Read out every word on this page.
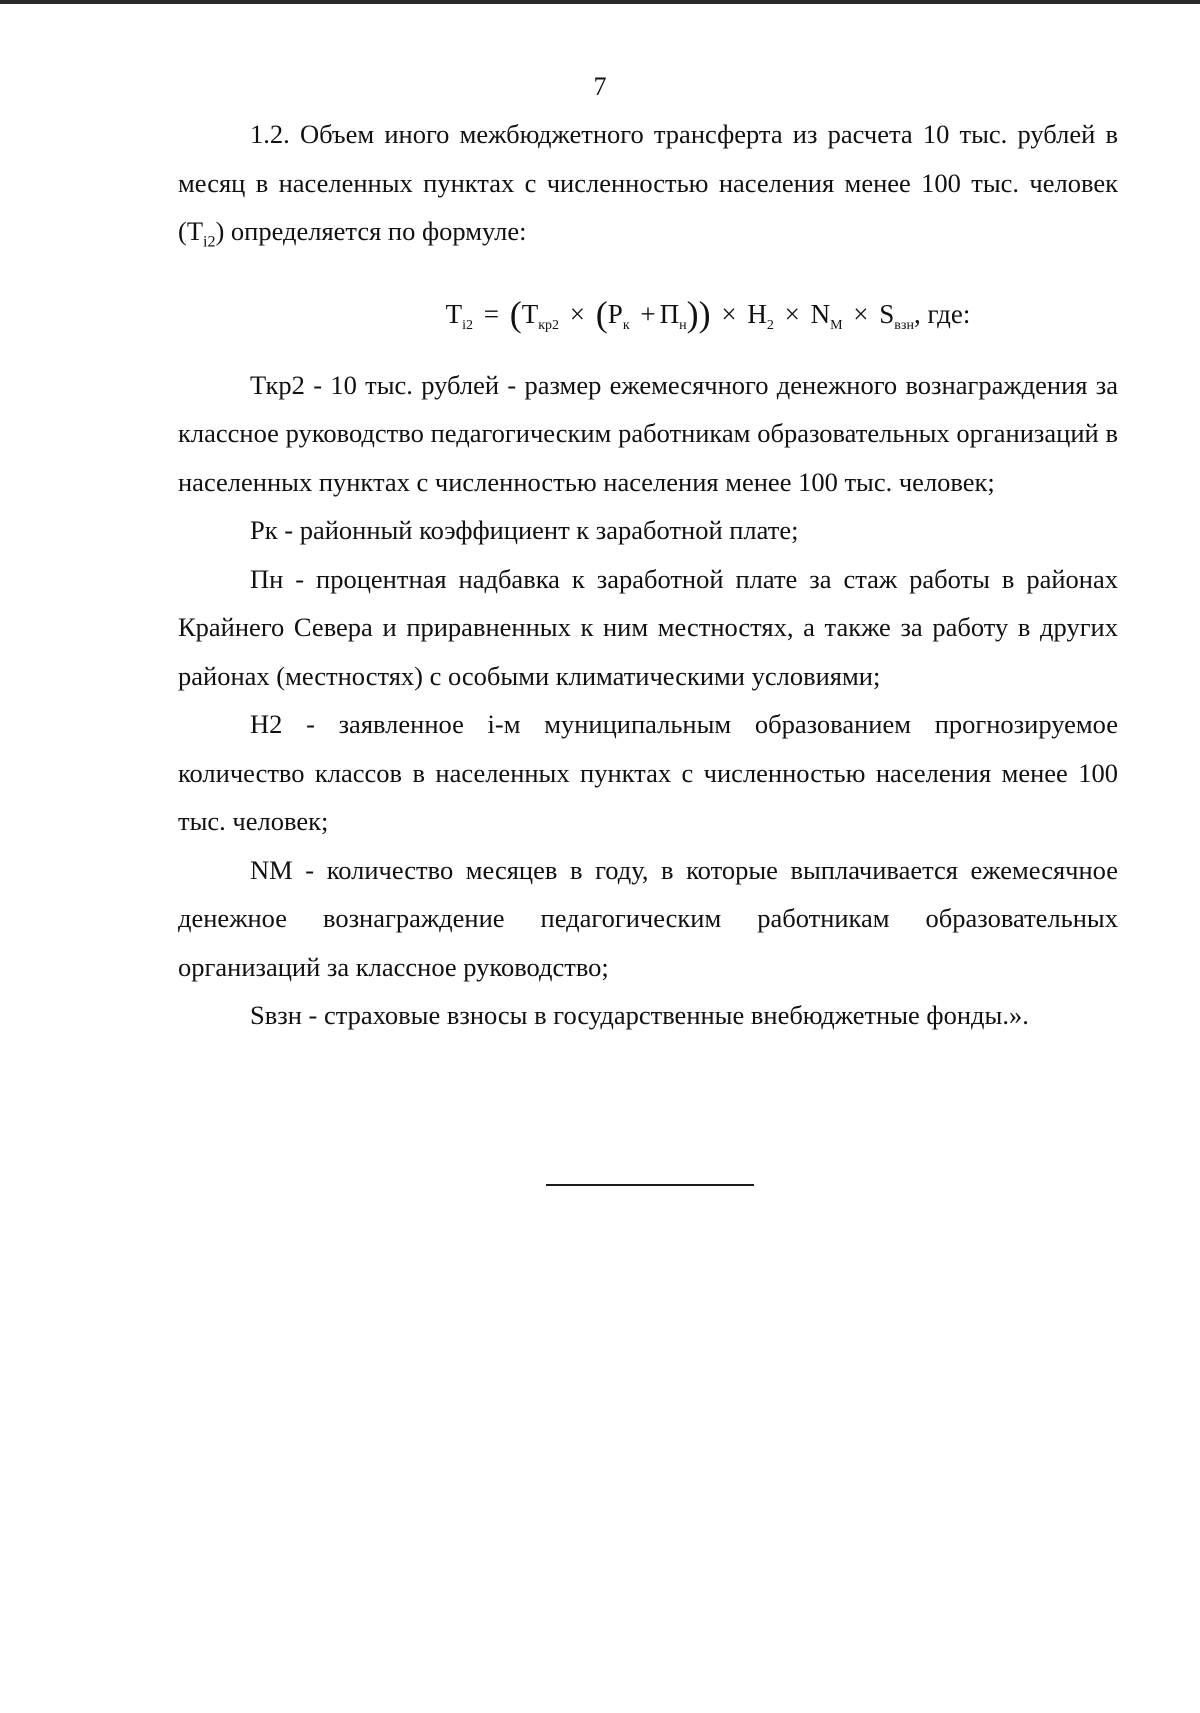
7

1.2. Объем иного межбюджетного трансферта из расчета 10 тыс. рублей в месяц в населенных пунктах с численностью населения менее 100 тыс. человек $(T_{i2})$ определяется по формуле:

$T_{i2} = (T_{кр2} \times (P_к + П_н)) \times H_2 \times N_M \times S_{взн}$, где:

Ткр2 - 10 тыс. рублей - размер ежемесячного денежного вознаграждения за классное руководство педагогическим работникам образовательных организаций в населенных пунктах с численностью населения менее 100 тыс. человек;

Рк - районный коэффициент к заработной плате;

Пн - процентная надбавка к заработной плате за стаж работы в районах Крайнего Севера и приравненных к ним местностях, а также за работу в других районах (местностях) с особыми климатическими условиями;

Н2 - заявленное i-м муниципальным образованием прогнозируемое количество классов в населенных пунктах с численностью населения менее 100 тыс. человек;

NМ - количество месяцев в году, в которые выплачивается ежемесячное денежное вознаграждение педагогическим работникам образовательных организаций за классное руководство;

Sвзн - страховые взносы в государственные внебюджетные фонды.».
